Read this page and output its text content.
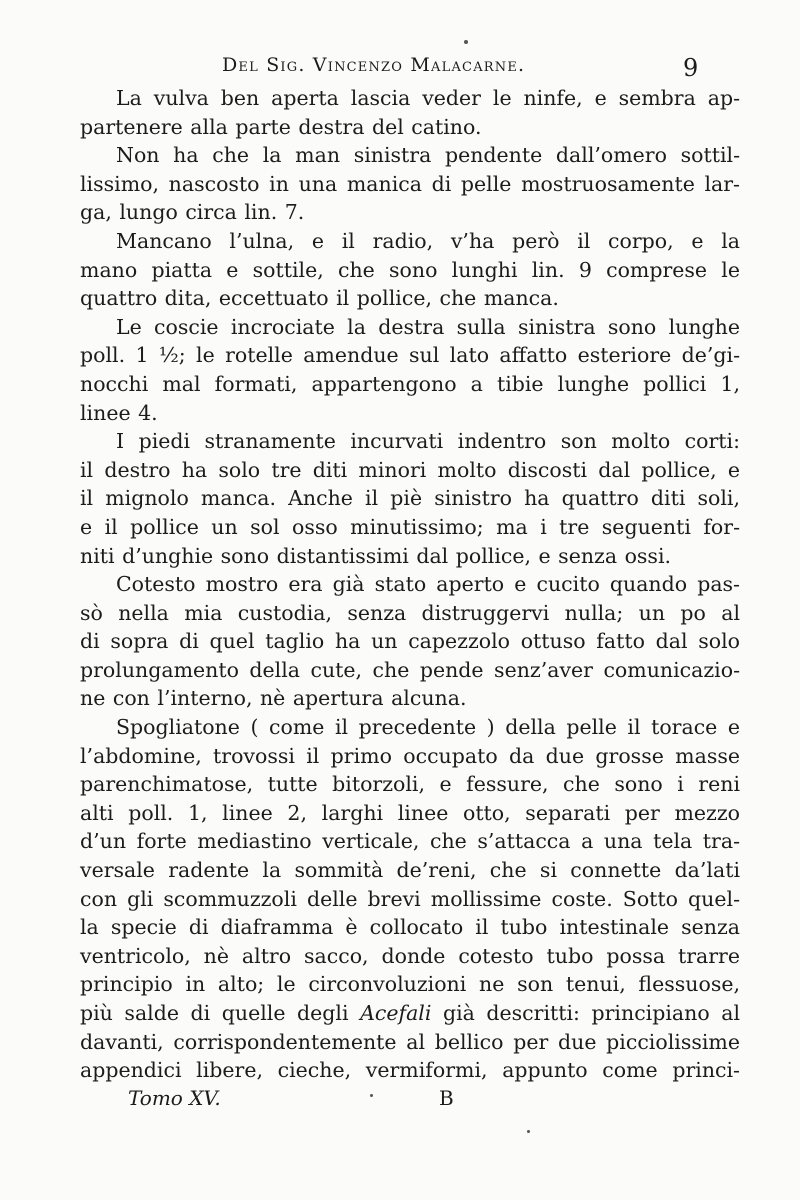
Del Sig. Vincenzo Malacarne.	9
La vulva ben aperta lascia veder le ninfe, e sembra ap-
partenere alla parte destra del catino.
Non ha che la man sinistra pendente dall’omero sottil-
lissimo, nascosto in una manica di pelle mostruosamente lar-
ga, lungo circa lin. 7.
Mancano l’ulna, e il radio, v’ha però il corpo, e la
mano piatta e sottile, che sono lunghi lin. 9 comprese le
quattro dita, eccettuato il pollice, che manca.
Le coscie incrociate la destra sulla sinistra sono lunghe
poll. 1 ½; le rotelle amendue sul lato affatto esteriore de’gi-
nocchi mal formati, appartengono a tibie lunghe pollici 1,
linee 4.
I piedi stranamente incurvati indentro son molto corti:
il destro ha solo tre diti minori molto discosti dal pollice, e
il mignolo manca. Anche il piè sinistro ha quattro diti soli,
e il pollice un sol osso minutissimo; ma i tre seguenti for-
niti d’unghie sono distantissimi dal pollice, e senza ossi.
Cotesto mostro era già stato aperto e cucito quando pas-
sò nella mia custodia, senza distruggervi nulla; un po al
di sopra di quel taglio ha un capezzolo ottuso fatto dal solo
prolungamento della cute, che pende senz’aver comunicazio-
ne con l’interno, nè apertura alcuna.
Spogliatone ( come il precedente ) della pelle il torace e
l’abdomine, trovossi il primo occupato da due grosse masse
parenchimatose, tutte bitorzoli, e fessure, che sono i reni
alti poll. 1, linee 2, larghi linee otto, separati per mezzo
d’un forte mediastino verticale, che s’attacca a una tela tra-
versale radente la sommità de’reni, che si connette da’lati
con gli scommuzzoli delle brevi mollissime coste. Sotto quel-
la specie di diaframma è collocato il tubo intestinale senza
ventricolo, nè altro sacco, donde cotesto tubo possa trarre
principio in alto; le circonvoluzioni ne son tenui, flessuose,
più salde di quelle degli Acefali già descritti: principiano al
davanti, corrispondentemente al bellico per due picciolissime
appendici libere, cieche, vermiformi, appunto come princi-
Tomo XV.	B
